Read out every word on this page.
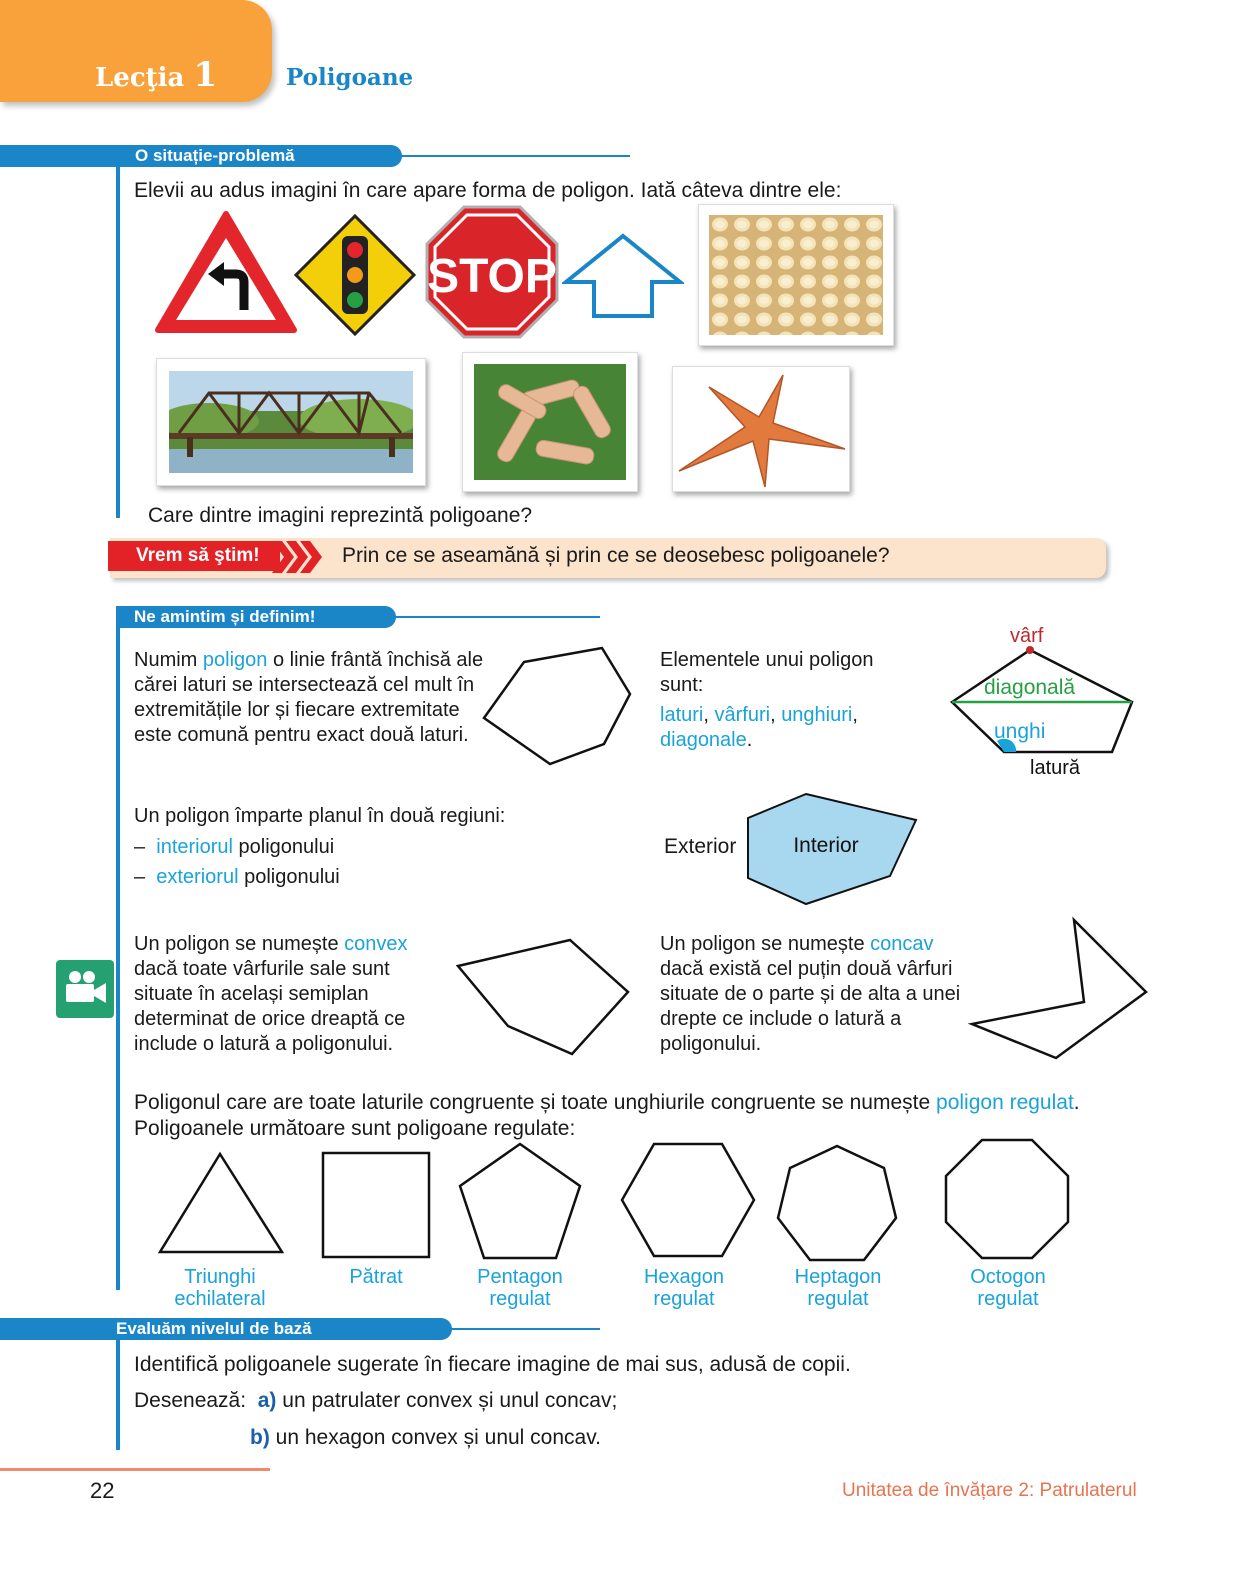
Lecţia 1	Poligoane
O situație-problemă
Elevii au adus imagini în care apare forma de poligon. Iată câteva dintre ele:
STOP
Care dintre imagini reprezintă poligoane?
Vrem să ştim!	Prin ce se aseamănă și prin ce se deosebesc poligoanele?
Ne amintim și definim!
Numim poligon o linie frântă închisă ale cărei laturi se intersectează cel mult în extremitățile lor și fiecare extremitate este comună pentru exact două laturi.
Elementele unui poligon sunt:
laturi, vârfuri, unghiuri, diagonale.
vârf
diagonală
unghi
latură
Un poligon împarte planul în două regiuni:
– interiorul poligonului
– exteriorul poligonului
Exterior	Interior
Un poligon se numește convex dacă toate vârfurile sale sunt situate în același semiplan determinat de orice dreaptă ce include o latură a poligonului.
Un poligon se numește concav dacă există cel puțin două vârfuri situate de o parte și de alta a unei drepte ce include o latură a poligonului.
Poligonul care are toate laturile congruente și toate unghiurile congruente se numește poligon regulat.
Poligoanele următoare sunt poligoane regulate:
Triunghi
echilateral
Pătrat	Pentagon
regulat
Hexagon
regulat
Heptagon
regulat
Octogon
regulat
Evaluăm nivelul de bază
Identifică poligoanele sugerate în fiecare imagine de mai sus, adusă de copii.
Desenează: a) un patrulater convex și unul concav;
b) un hexagon convex și unul concav.
22	Unitatea de învățare 2: Patrulaterul
